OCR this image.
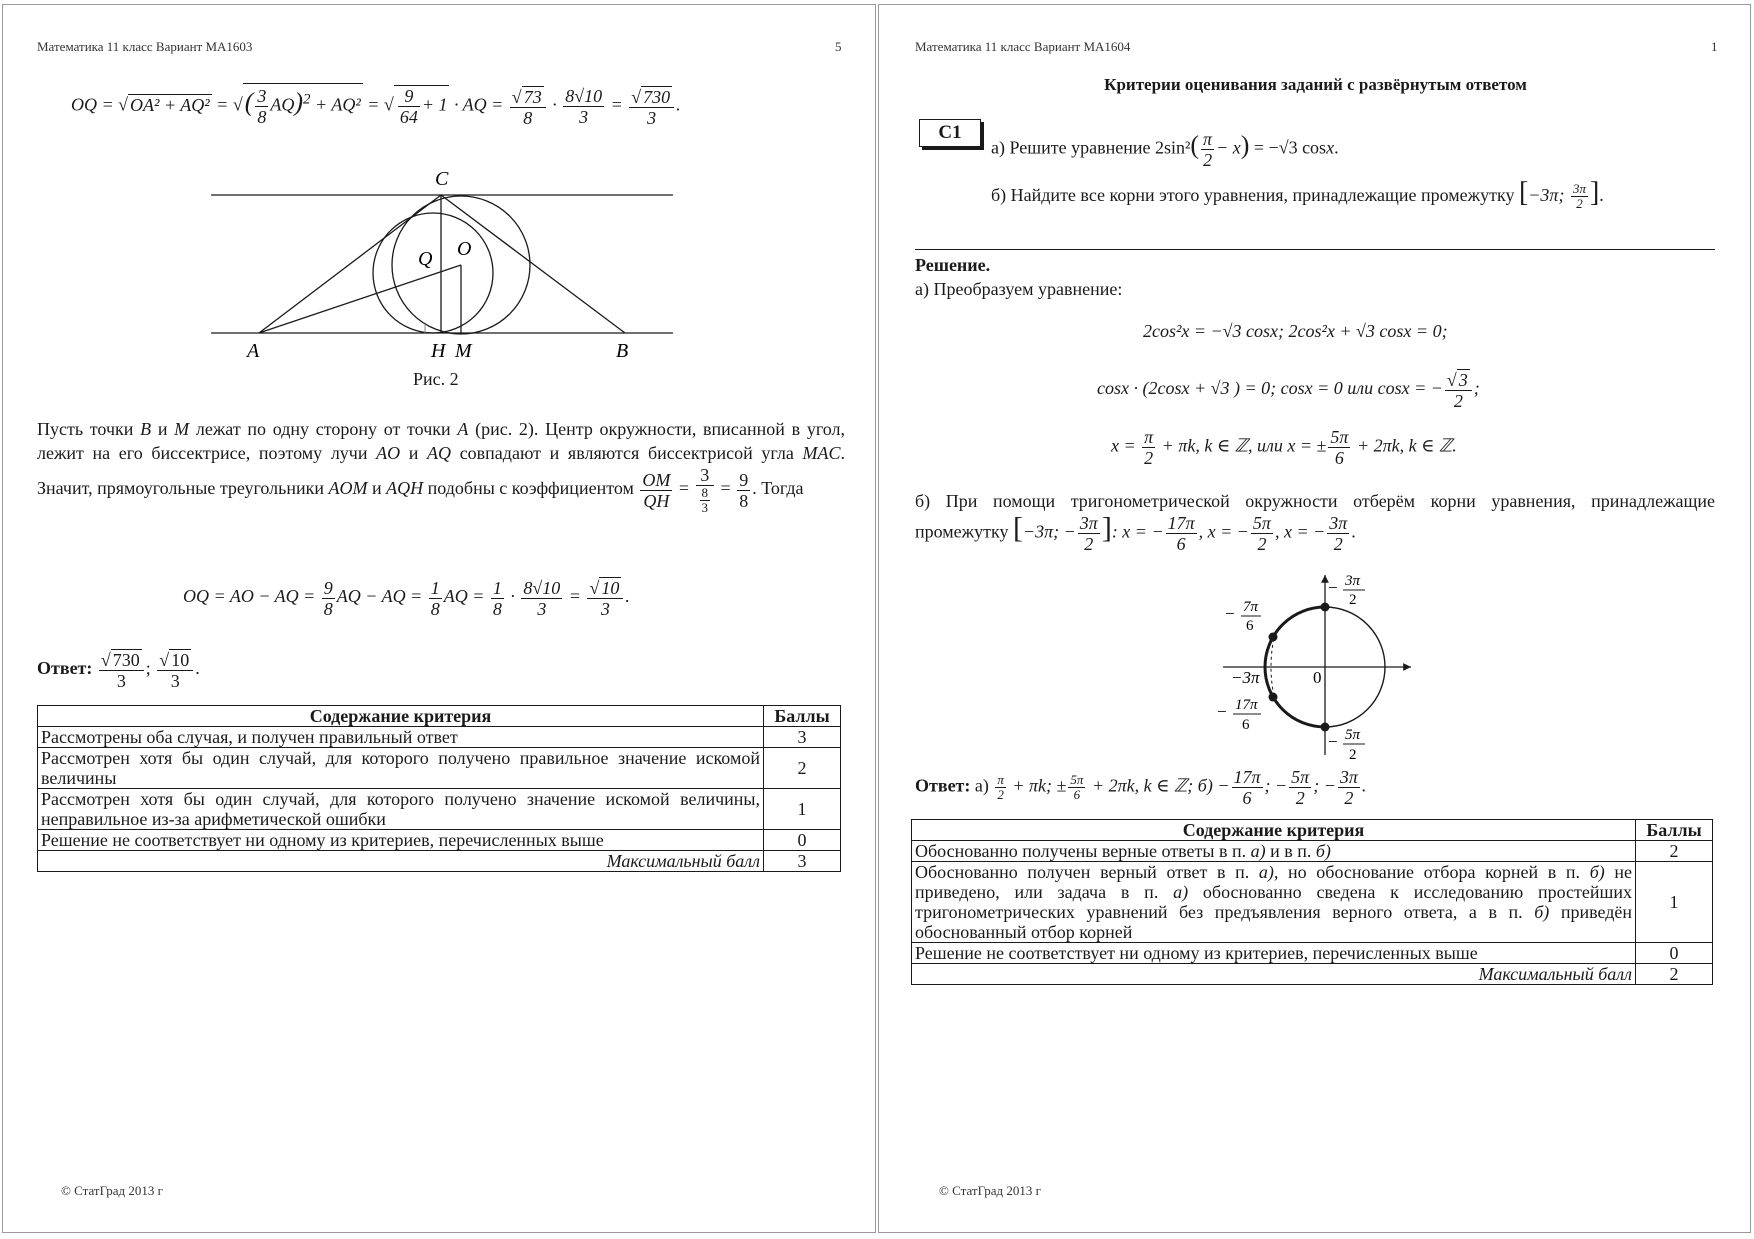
Математика 11 класс Вариант МА1603	5
OQ = √ OA² + AQ² = √( $\frac{3}{8} AQ)^2 + AQ^2$ = √ $\frac{9}{64} + 1$ · AQ = $\frac{√ 73}{8} \cdot \frac{8√10}{3} = \frac{√ 730}{3}$ .
C
O
Q
A	H M	B
Рис. 2
Пусть точки B и M лежат по одну сторону от точки A (рис. 2). Центр окружности, вписанной в угол, лежит на его биссектрисе, поэтому лучи AO и AQ совпадают и являются биссектрисой угла MAC. Значит, прямоугольные треугольники AOM и AQH подобны с коэффициентом $\frac{OM}{QH} = \frac{3}{\frac{8}{3}} = \frac{9}{8}$ . Тогда
OQ = AO − AQ = $\frac{9}{8}$ AQ − AQ = $\frac{1}{8}$ AQ = $\frac{1}{8} \cdot \frac{8√10}{3} = \frac{√ 10}{3}$ .
Ответ: $\frac{√ 730}{3}$ ; $\frac{√ 10}{3}$ .
Содержание критерия	Баллы
Рассмотрены оба случая, и получен правильный ответ	3
Рассмотрен хотя бы один случай, для которого получено правильное значение искомой величины	2
Рассмотрен хотя бы один случай, для которого получено значение искомой величины, неправильное из-за арифметической ошибки	1
Решение не соответствует ни одному из критериев, перечисленных выше	0
Максимальный балл	3
© СтатГрад 2013 г
Математика 11 класс Вариант МА1604	1
Критерии оценивания заданий с развёрнутым ответом
C1
а) Решите уравнение $2\sin^2( \frac{\pi}{2} - x) = -√3$ cosx.
б) Найдите все корни этого уравнения, принадлежащие промежутку [−3π; $\frac{3\pi}{2}$ ].
Решение.
а) Преобразуем уравнение:
2cos²x = −√3 cosx; 2cos²x + √3 cosx = 0;
cosx · (2cosx + √3 ) = 0; cosx = 0 или cosx = − $\frac{√ 3}{2}$ ;
$x = \frac{\pi}{2} + \pi k$, k ∈ ℤ, или x = ± $\frac{5\pi}{6} + 2\pi k$, k ∈ ℤ.
б) При помощи тригонометрической окружности отберём корни уравнения, принадлежащие промежутку [−3π; − $\frac{3\pi}{2}$ ]: x = − $\frac{17\pi}{6}$ , x = − $\frac{5\pi}{2}$ , x = − $\frac{3\pi}{2}$ .
− 3π
2
− 7π
6
−3π	0
− 17π
6
− 5π
2
Ответ: $а) \frac{\pi}{2} + \pi k$; ± $\frac{5\pi}{6} + 2\pi k$, k ∈ ℤ; $б) - \frac{17\pi}{6}$ ; − $\frac{5\pi}{2}$ ; − $\frac{3\pi}{2}$ .
Содержание критерия	Баллы
Обоснованно получены верные ответы в п. а) и в п. б)	2
Обоснованно получен верный ответ в п. а), но обоснование отбора корней в п. б) не приведено, или задача в п. а) обоснованно сведена к исследованию простейших тригонометрических уравнений без предъявления верного ответа, а в п. б) приведён обоснованный отбор корней	1
Решение не соответствует ни одному из критериев, перечисленных выше	0
Максимальный балл	2
© СтатГрад 2013 г
